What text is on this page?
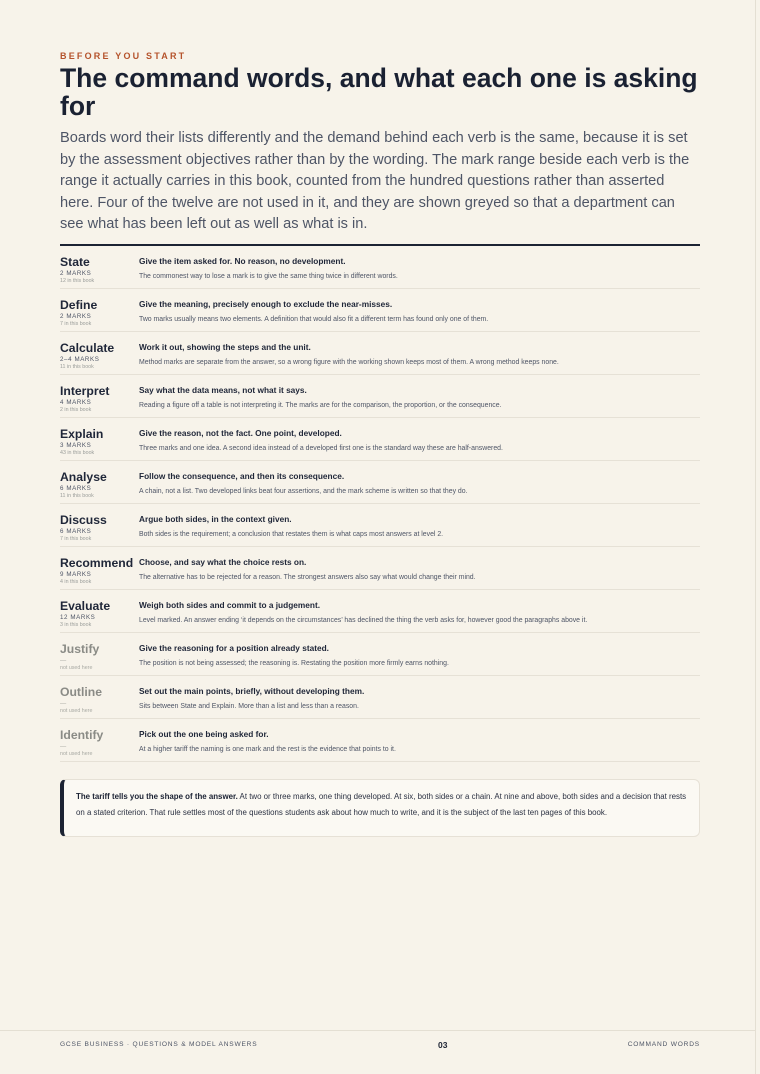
BEFORE YOU START
The command words, and what each one is asking for

Boards word their lists differently and the demand behind each verb is the same, because it is set by the assessment objectives rather than by the wording. The mark range beside each verb is the range it actually carries in this book, counted from the hundred questions rather than asserted here. Four of the twelve are not used in it, and they are shown greyed so that a department can see what has been left out as well as what is in.

State
2 MARKS
12 in this book
Give the item asked for. No reason, no development.
The commonest way to lose a mark is to give the same thing twice in different words.
Define
2 MARKS
7 in this book
Give the meaning, precisely enough to exclude the near-misses.
Two marks usually means two elements. A definition that would also fit a different term has found only one of them.
Calculate
2–4 MARKS
11 in this book
Work it out, showing the steps and the unit.
Method marks are separate from the answer, so a wrong figure with the working shown keeps most of them. A wrong method keeps none.
Interpret
4 MARKS
2 in this book
Say what the data means, not what it says.
Reading a figure off a table is not interpreting it. The marks are for the comparison, the proportion, or the consequence.
Explain
3 MARKS
43 in this book
Give the reason, not the fact. One point, developed.
Three marks and one idea. A second idea instead of a developed first one is the standard way these are half-answered.
Analyse
6 MARKS
11 in this book
Follow the consequence, and then its consequence.
A chain, not a list. Two developed links beat four assertions, and the mark scheme is written so that they do.
Discuss
6 MARKS
7 in this book
Argue both sides, in the context given.
Both sides is the requirement; a conclusion that restates them is what caps most answers at level 2.
Recommend
9 MARKS
4 in this book
Choose, and say what the choice rests on.
The alternative has to be rejected for a reason. The strongest answers also say what would change their mind.
Evaluate
12 MARKS
3 in this book
Weigh both sides and commit to a judgement.
Level marked. An answer ending ‘it depends on the circumstances’ has declined the thing the verb asks for, however good the paragraphs above it.
Justify
—
not used here
Give the reasoning for a position already stated.
The position is not being assessed; the reasoning is. Restating the position more firmly earns nothing.
Outline
—
not used here
Set out the main points, briefly, without developing them.
Sits between State and Explain. More than a list and less than a reason.
Identify
—
not used here
Pick out the one being asked for.
At a higher tariff the naming is one mark and the rest is the evidence that points to it.
The tariff tells you the shape of the answer. At two or three marks, one thing developed. At six, both sides or a chain. At nine and above, both sides and a decision that rests on a stated criterion. That rule settles most of the questions students ask about how much to write, and it is the subject of the last ten pages of this book.
GCSE BUSINESS · QUESTIONS & MODEL ANSWERS	03	COMMAND WORDS
